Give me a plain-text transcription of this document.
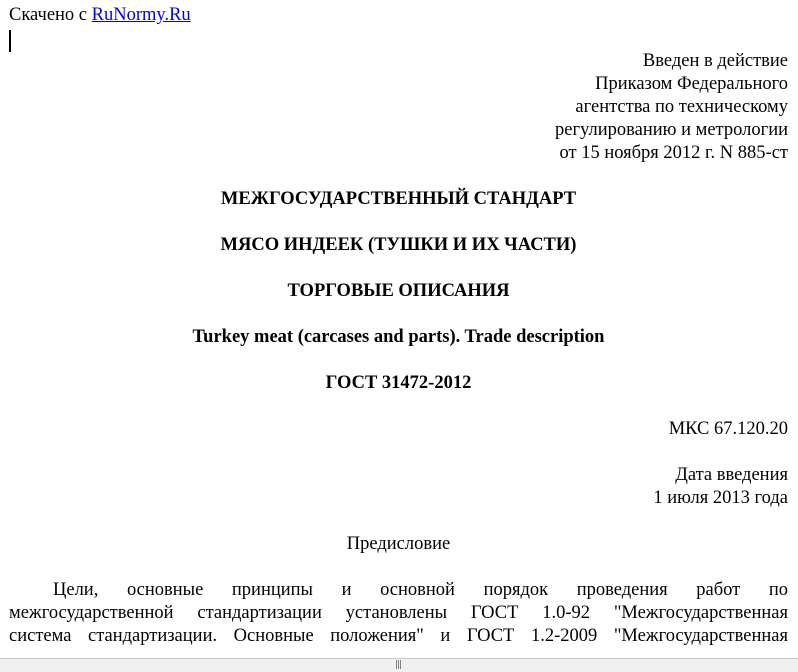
Скачено с RuNormy.Ru
Введен в действие
Приказом Федерального
агентства по техническому
регулированию и метрологии
от 15 ноября 2012 г. N 885-ст
МЕЖГОСУДАРСТВЕННЫЙ СТАНДАРТ
МЯСО ИНДЕЕК (ТУШКИ И ИХ ЧАСТИ)
ТОРГОВЫЕ ОПИСАНИЯ
Turkey meat (carcases and parts). Trade description
ГОСТ 31472-2012
МКС 67.120.20
Дата введения
1 июля 2013 года
Предисловие
Цели, основные принципы и основной порядок проведения работ по
межгосударственной стандартизации установлены ГОСТ 1.0-92 "Межгосударственная
система стандартизации. Основные положения" и ГОСТ 1.2-2009 "Межгосударственная
|||
